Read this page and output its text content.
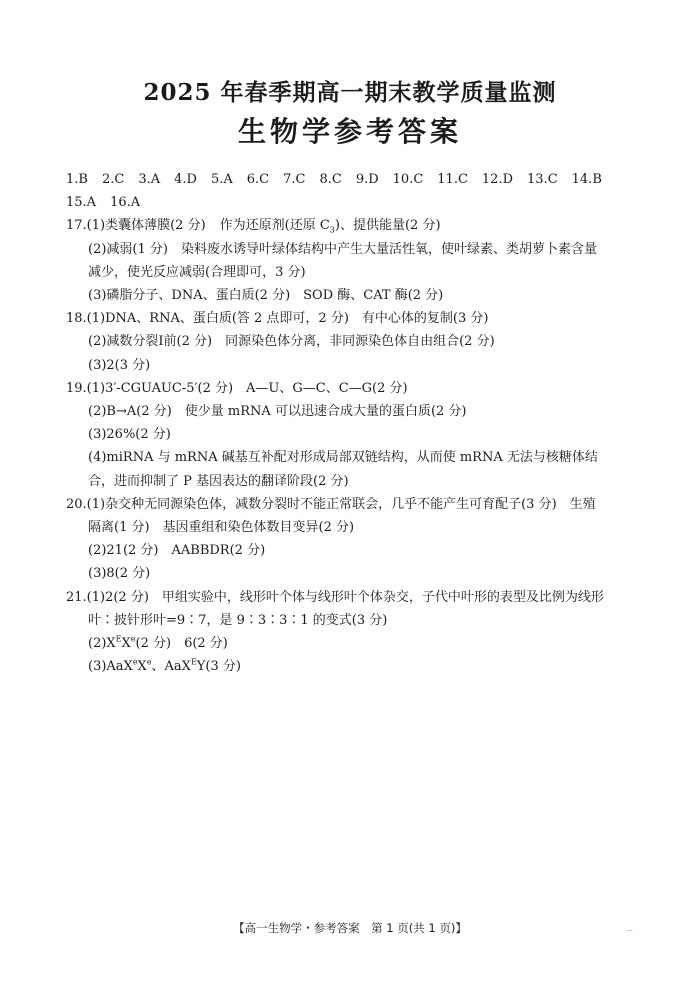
2025 年春季期高一期末教学质量监测
生物学参考答案
1.B 2.C 3.A 4.D 5.A 6.C 7.C 8.C 9.D 10.C 11.C 12.D 13.C 14.B
15.A 16.A
17.(1)类囊体薄膜(2 分) 作为还原剂(还原 $C_3$)、提供能量(2 分)
(2)减弱(1 分)　染料废水诱导叶绿体结构中产生大量活性氧，使叶绿素、类胡萝卜素含量
减少，使光反应减弱(合理即可，3 分)
(3)磷脂分子、DNA、蛋白质(2 分)　SOD 酶、CAT 酶(2 分)
18.(1)DNA、RNA、蛋白质(答 2 点即可，2 分)　有中心体的复制(3 分)
(2)减数分裂Ⅰ前(2 分)　同源染色体分离，非同源染色体自由组合(2 分)
(3)2(3 分)
19.(1)3′-CGUAUC-5′(2 分)　A—U、G—C、C—G(2 分)
(2)B→A(2 分)　使少量 mRNA 可以迅速合成大量的蛋白质(2 分)
(3)26%(2 分)
(4)miRNA 与 mRNA 碱基互补配对形成局部双链结构，从而使 mRNA 无法与核糖体结
合，进而抑制了 P 基因表达的翻译阶段(2 分)
20.(1)杂交种无同源染色体，减数分裂时不能正常联会，几乎不能产生可育配子(3 分)　生殖
隔离(1 分)　基因重组和染色体数目变异(2 分)
(2)21(2 分)　AABBDR(2 分)
(3)8(2 分)
21.(1)2(2 分)　甲组实验中，线形叶个体与线形叶个体杂交，子代中叶形的表型及比例为线形
叶∶披针形叶=9∶7，是 9∶3∶3∶1 的变式(3 分)
$(2)X^EXe(2$ 分)　6(2 分)
(3)AaX$^e$Xe、AaX$^E$Y(3 分)
【高一生物学・参考答案　第 1 页(共 1 页)】	—
